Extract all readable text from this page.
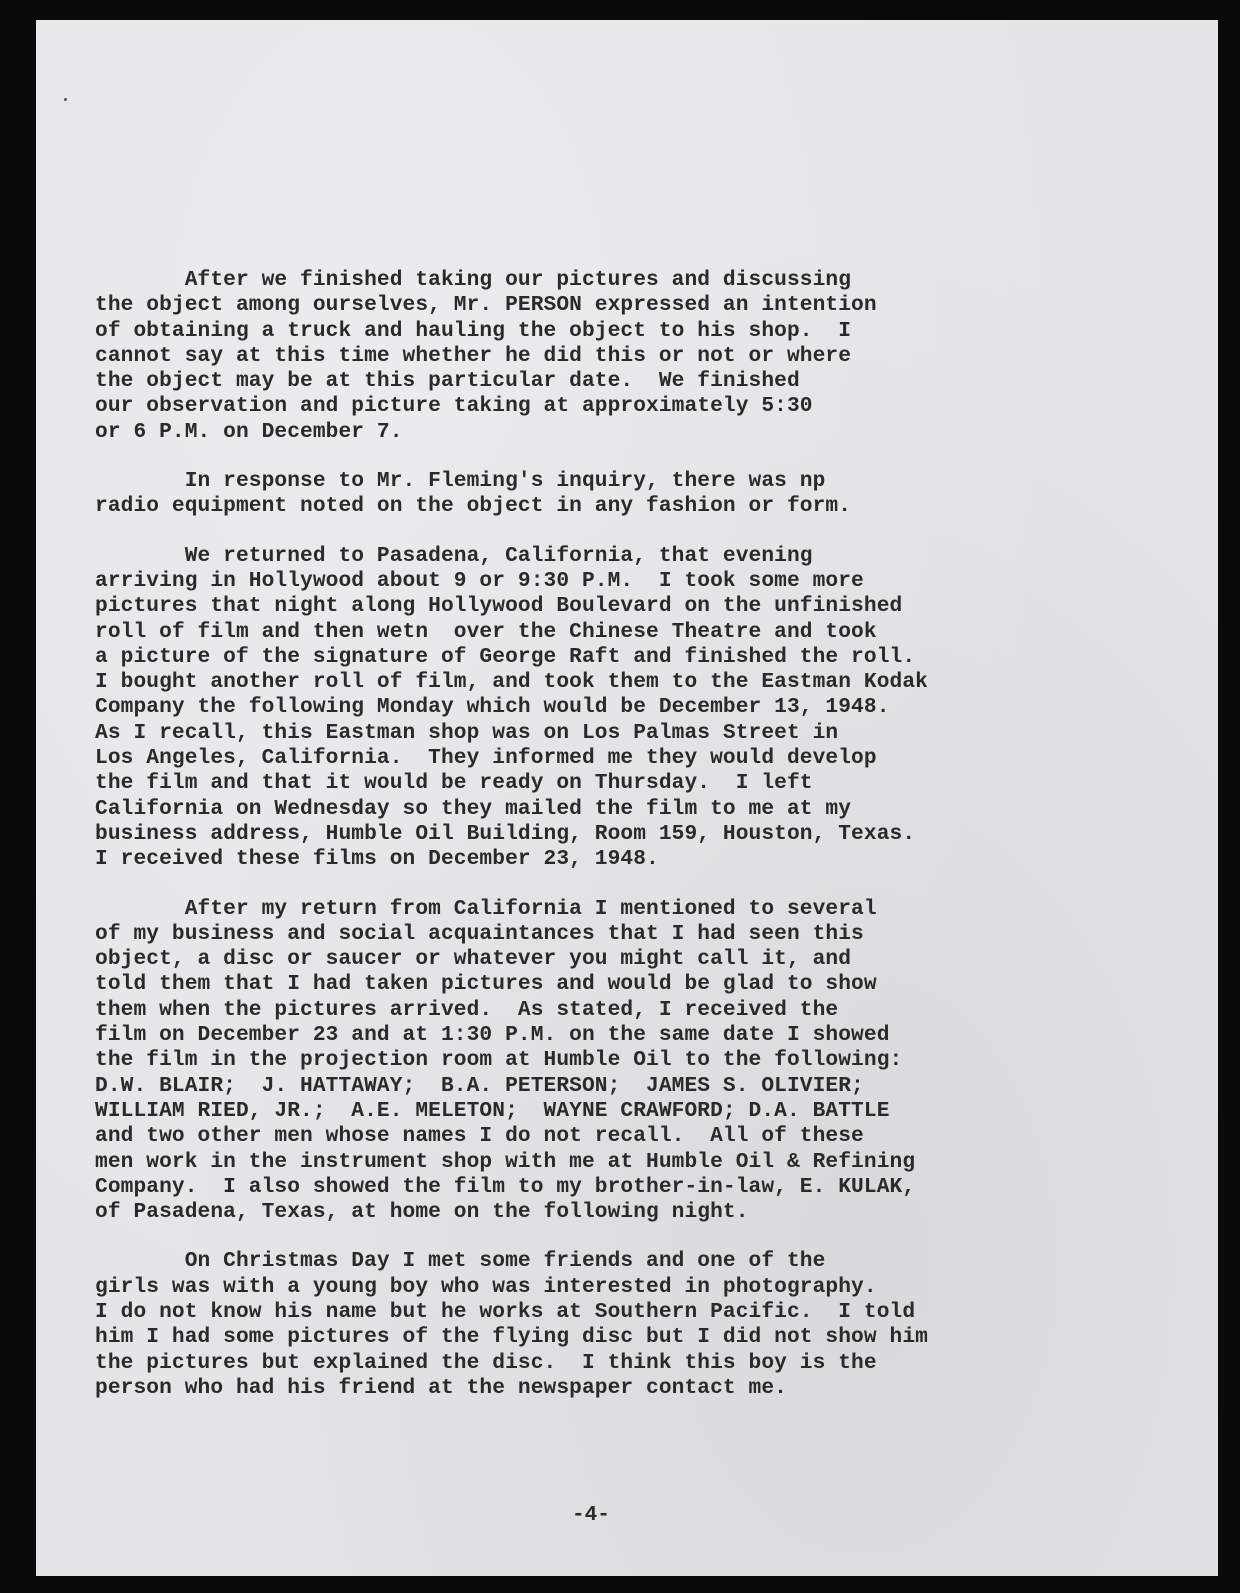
After we finished taking our pictures and discussing
the object among ourselves, Mr. PERSON expressed an intention
of obtaining a truck and hauling the object to his shop.  I
cannot say at this time whether he did this or not or where
the object may be at this particular date.  We finished
our observation and picture taking at approximately 5:30
or 6 P.M. on December 7.
In response to Mr. Fleming's inquiry, there was np
radio equipment noted on the object in any fashion or form.
We returned to Pasadena, California, that evening
arriving in Hollywood about 9 or 9:30 P.M.  I took some more
pictures that night along Hollywood Boulevard on the unfinished
roll of film and then wetn  over the Chinese Theatre and took
a picture of the signature of George Raft and finished the roll.
I bought another roll of film, and took them to the Eastman Kodak
Company the following Monday which would be December 13, 1948.
As I recall, this Eastman shop was on Los Palmas Street in
Los Angeles, California.  They informed me they would develop
the film and that it would be ready on Thursday.  I left
California on Wednesday so they mailed the film to me at my
business address, Humble Oil Building, Room 159, Houston, Texas.
I received these films on December 23, 1948.
After my return from California I mentioned to several
of my business and social acquaintances that I had seen this
object, a disc or saucer or whatever you might call it, and
told them that I had taken pictures and would be glad to show
them when the pictures arrived.  As stated, I received the
film on December 23 and at 1:30 P.M. on the same date I showed
the film in the projection room at Humble Oil to the following:
D.W. BLAIR;  J. HATTAWAY;  B.A. PETERSON;  JAMES S. OLIVIER;
WILLIAM RIED, JR.;  A.E. MELETON;  WAYNE CRAWFORD; D.A. BATTLE
and two other men whose names I do not recall.  All of these
men work in the instrument shop with me at Humble Oil & Refining
Company.  I also showed the film to my brother-in-law, E. KULAK,
of Pasadena, Texas, at home on the following night.
On Christmas Day I met some friends and one of the
girls was with a young boy who was interested in photography.
I do not know his name but he works at Southern Pacific.  I told
him I had some pictures of the flying disc but I did not show him
the pictures but explained the disc.  I think this boy is the
person who had his friend at the newspaper contact me.
-4-
